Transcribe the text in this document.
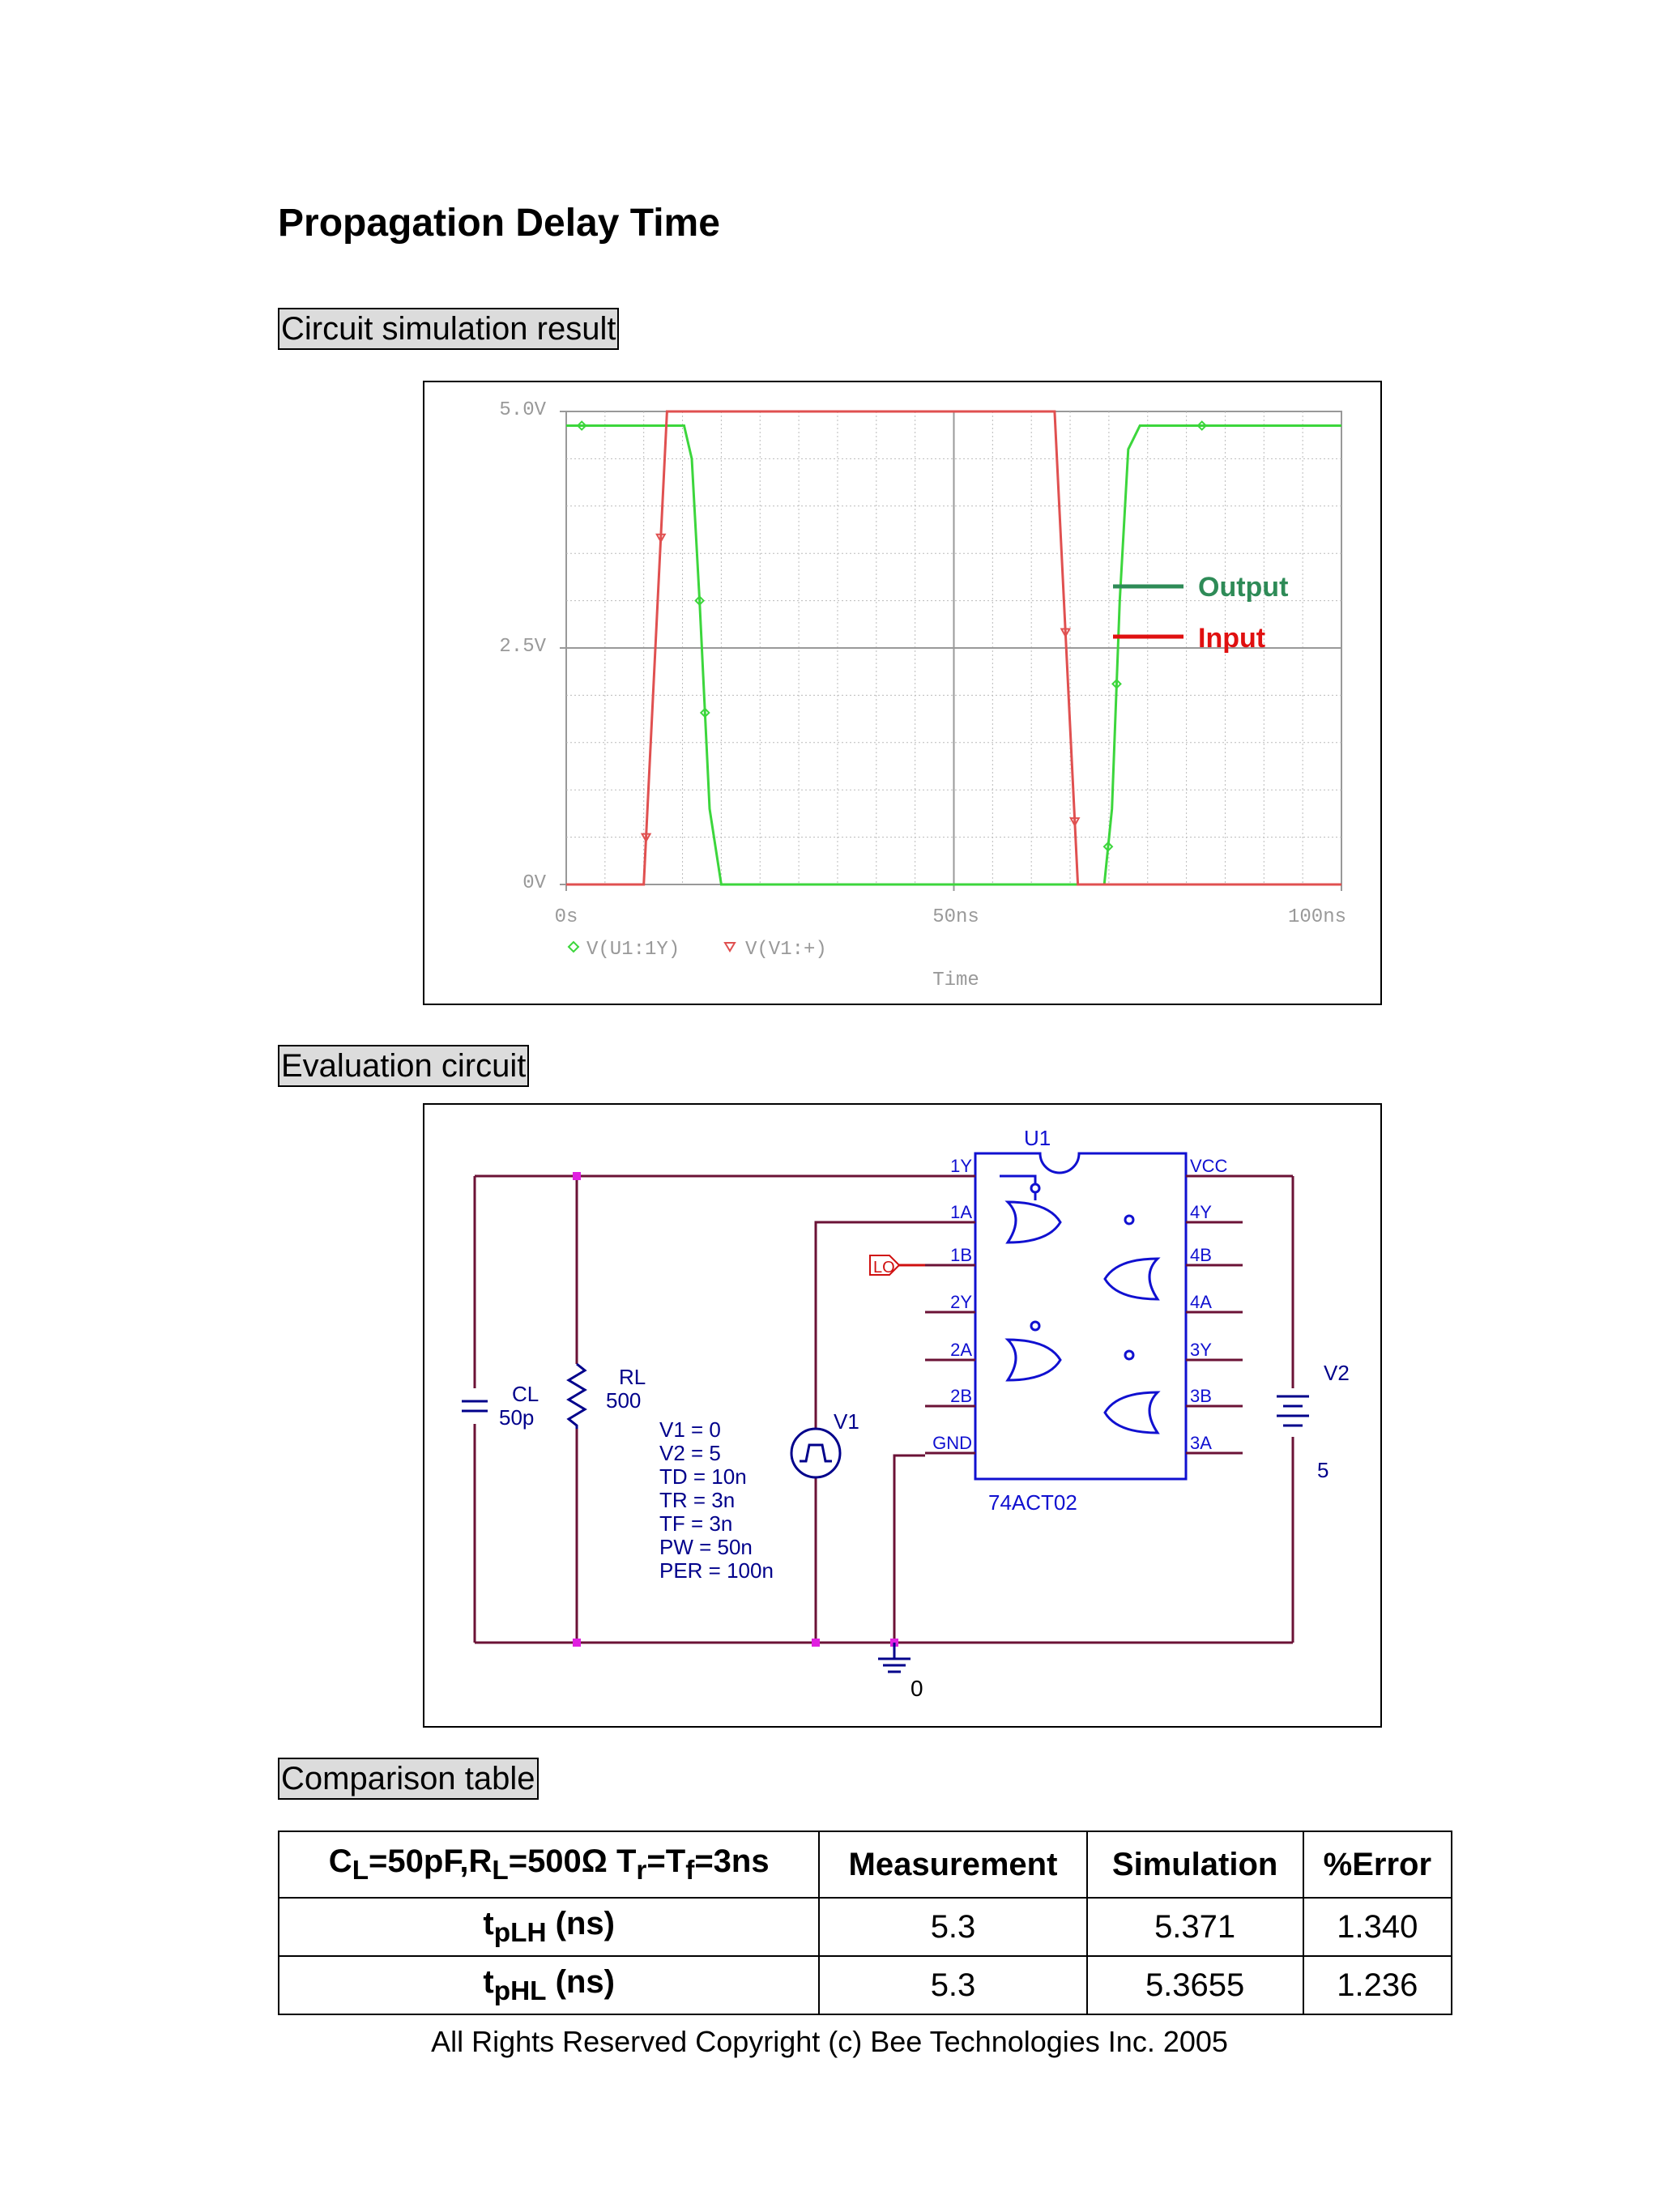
Propagation Delay Time
Circuit simulation result
5.0V
2.5V
0V
0s	50ns	100ns
Time
V(U1:1Y)	V(V1:+)
Output
Input
Evaluation circuit
CL
50p
RL
500
V1
V1 = 0
V2 = 5
TD = 10n
TR = 3n
TF = 3n
PW = 50n
PER = 100n
LO
U1
74ACT02
1Y
1A
1B
2Y
2A
2B
GND
VCC
4Y
4B
4A
3Y
3B
3A
V2
5
0
Comparison table
$C_L=50pF,R_L=500\Omega$ $T_r=T_f=3ns$	Measurement	Simulation	%Error
$t_{pLH}$ (ns)	5.3	5.371	1.340
$t_{pHL}$ (ns)	5.3	5.3655	1.236
All Rights Reserved Copyright (c) Bee Technologies Inc. 2005
